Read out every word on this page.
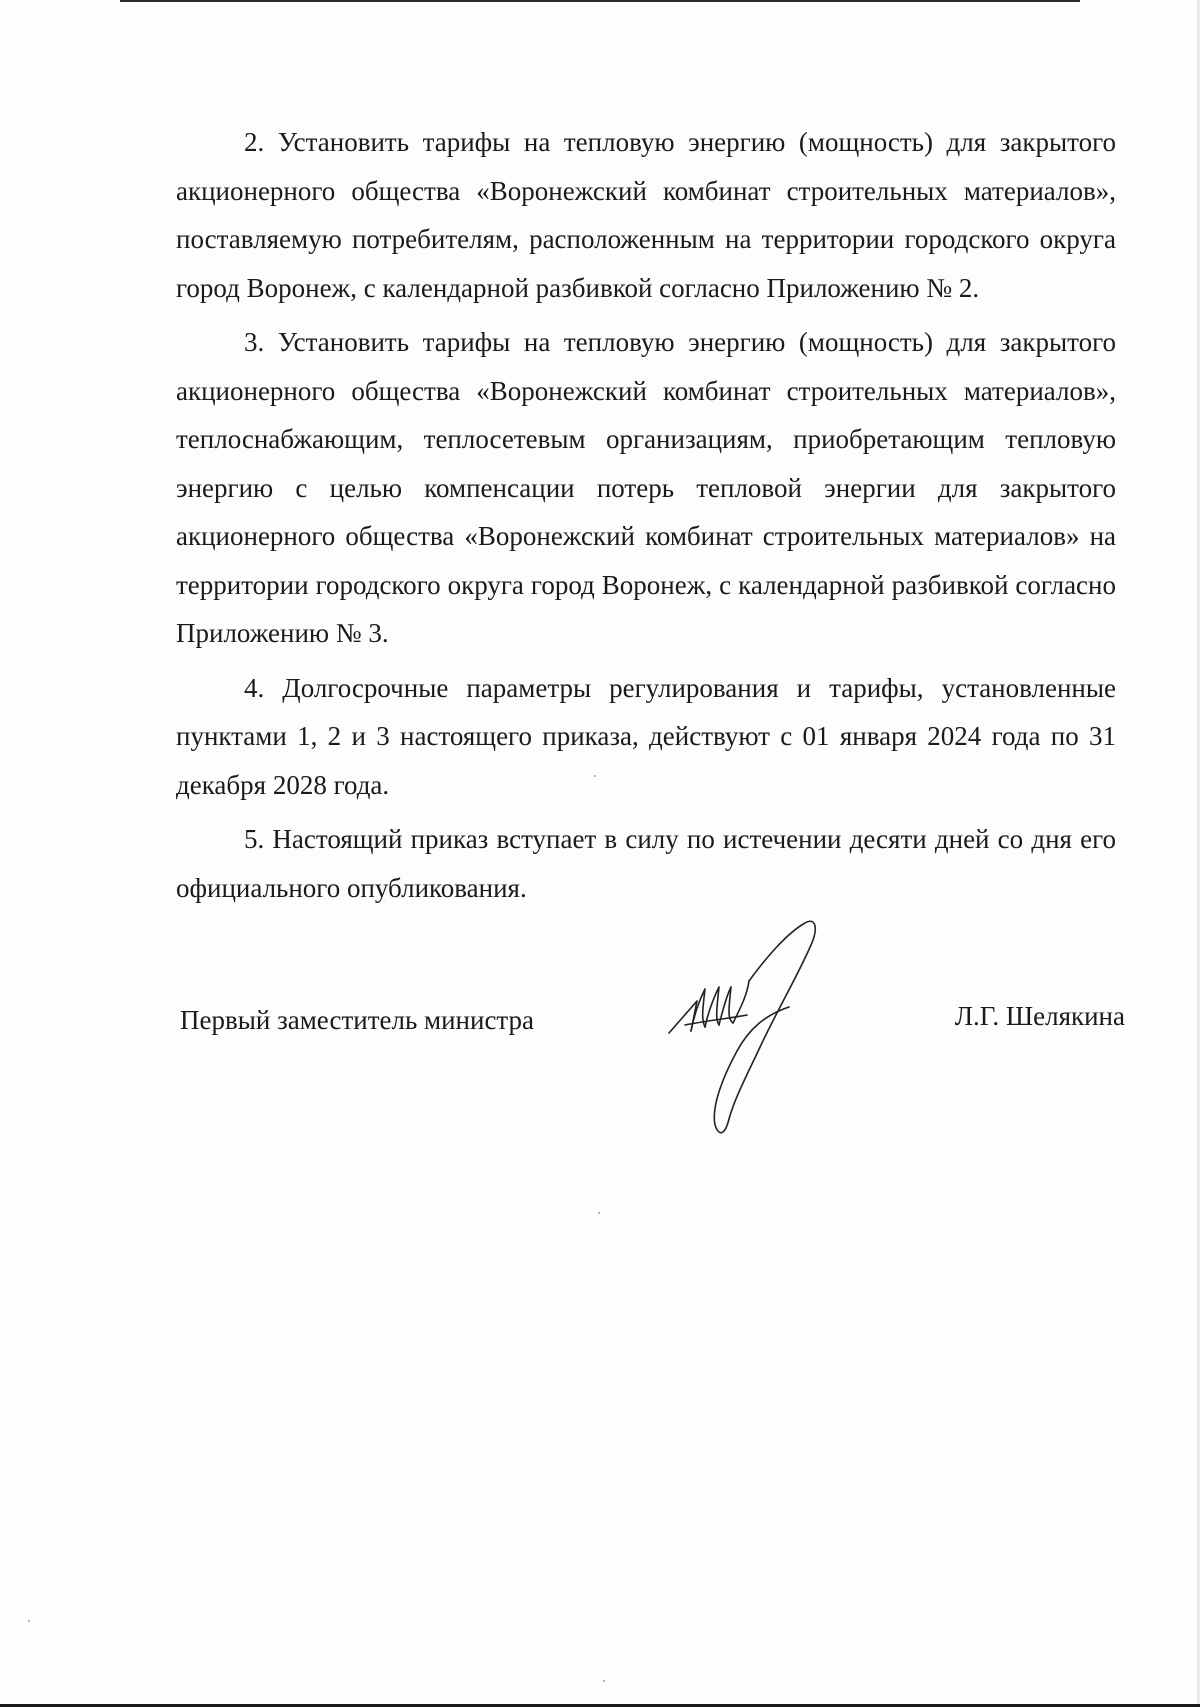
2. Установить тарифы на тепловую энергию (мощность) для закрытого акционерного общества «Воронежский комбинат строительных материалов», поставляемую потребителям, расположенным на территории городского округа город Воронеж, с календарной разбивкой согласно Приложению № 2.

3. Установить тарифы на тепловую энергию (мощность) для закрытого акционерного общества «Воронежский комбинат строительных материалов», теплоснабжающим, теплосетевым организациям, приобретающим тепловую энергию с целью компенсации потерь тепловой энергии для закрытого акционерного общества «Воронежский комбинат строительных материалов» на территории городского округа город Воронеж, с календарной разбивкой согласно Приложению № 3.

4. Долгосрочные параметры регулирования и тарифы, установленные пунктами 1, 2 и 3 настоящего приказа, действуют с 01 января 2024 года по 31 декабря 2028 года.

5. Настоящий приказ вступает в силу по истечении десяти дней со дня его официального опубликования.

Первый заместитель министра	Л.Г. Шелякина
